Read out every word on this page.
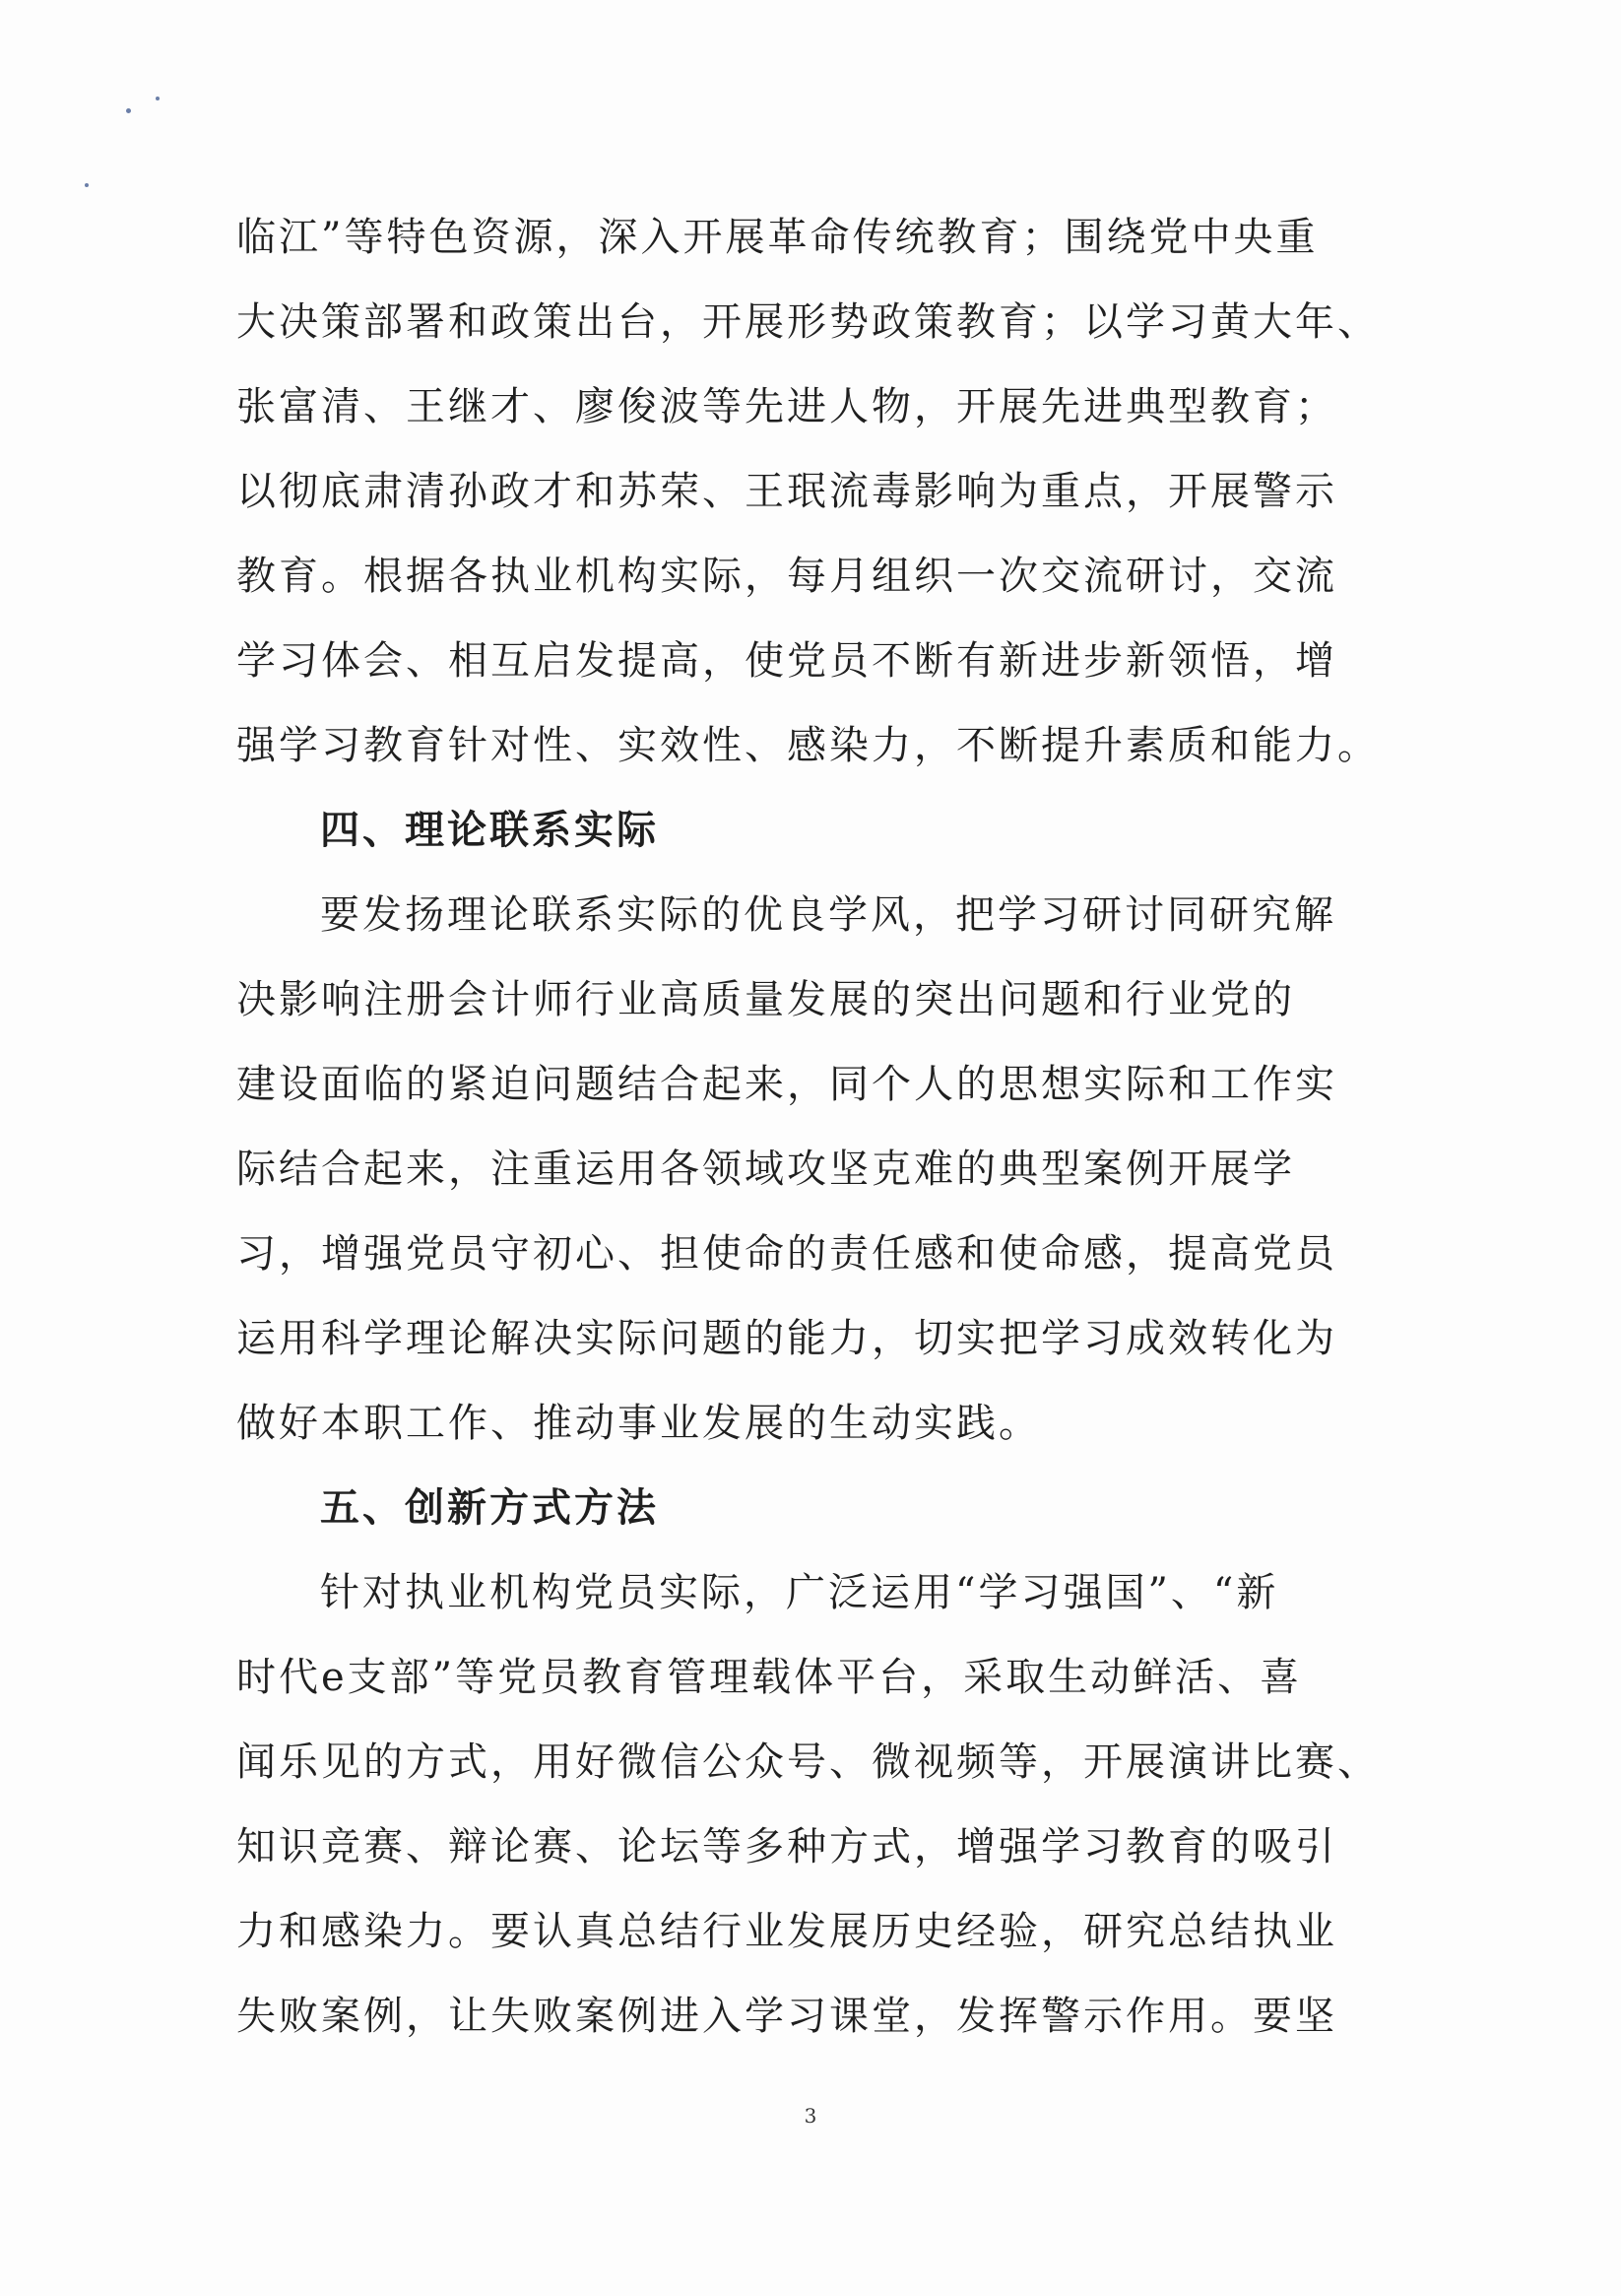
临江”等特色资源，深入开展革命传统教育；围绕党中央重
大决策部署和政策出台，开展形势政策教育；以学习黄大年、
张富清、王继才、廖俊波等先进人物，开展先进典型教育；
以彻底肃清孙政才和苏荣、王珉流毒影响为重点，开展警示
教育。根据各执业机构实际，每月组织一次交流研讨，交流
学习体会、相互启发提高，使党员不断有新进步新领悟，增
强学习教育针对性、实效性、感染力，不断提升素质和能力。
四、理论联系实际
要发扬理论联系实际的优良学风，把学习研讨同研究解
决影响注册会计师行业高质量发展的突出问题和行业党的
建设面临的紧迫问题结合起来，同个人的思想实际和工作实
际结合起来，注重运用各领域攻坚克难的典型案例开展学
习，增强党员守初心、担使命的责任感和使命感，提高党员
运用科学理论解决实际问题的能力，切实把学习成效转化为
做好本职工作、推动事业发展的生动实践。
五、创新方式方法
针对执业机构党员实际，广泛运用“学习强国”、“新
时代e支部”等党员教育管理载体平台，采取生动鲜活、喜
闻乐见的方式，用好微信公众号、微视频等，开展演讲比赛、
知识竞赛、辩论赛、论坛等多种方式，增强学习教育的吸引
力和感染力。要认真总结行业发展历史经验，研究总结执业
失败案例，让失败案例进入学习课堂，发挥警示作用。要坚
3
